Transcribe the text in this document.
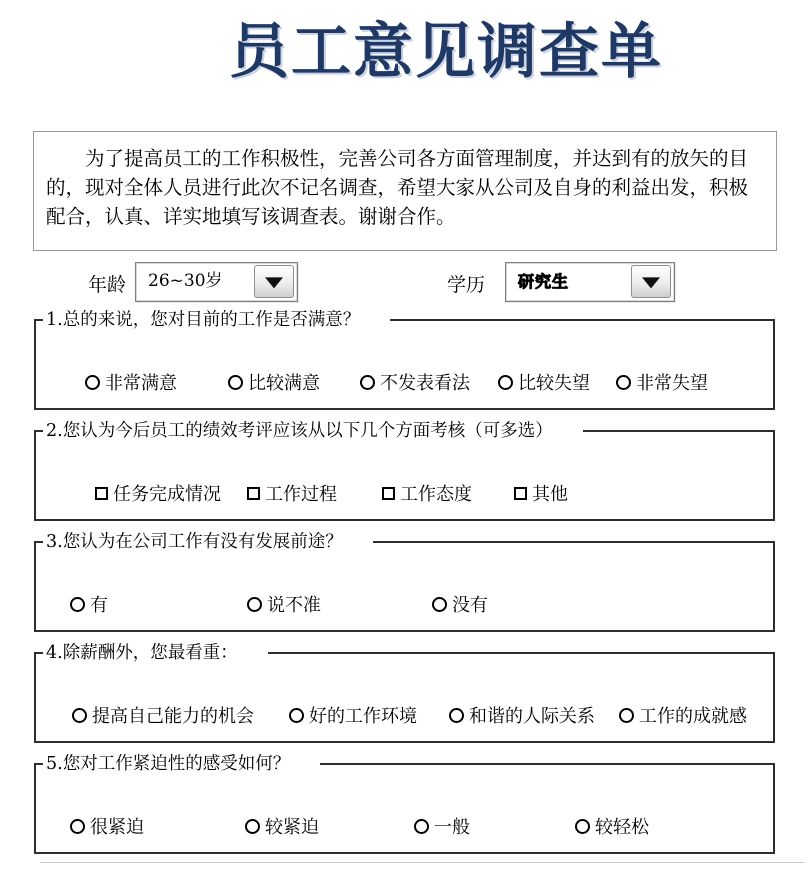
员工意见调查单

为了提高员工的工作积极性，完善公司各方面管理制度，并达到有的放矢的目的，现对全体人员进行此次不记名调查，希望大家从公司及自身的利益出发，积极配合，认真、详实地填写该调查表。谢谢合作。

年龄 26~30岁	学历 研究生
1.总的来说，您对目前的工作是否满意？
非常满意	比较满意	不发表看法	比较失望	非常失望
2.您认为今后员工的绩效考评应该从以下几个方面考核（可多选）
任务完成情况 工作过程	工作态度	其他
3.您认为在公司工作有没有发展前途？
有	说不准	没有
4.除薪酬外，您最看重：
提高自己能力的机会	好的工作环境	和谐的人际关系 工作的成就感
5.您对工作紧迫性的感受如何？
很紧迫	较紧迫	一般	较轻松
